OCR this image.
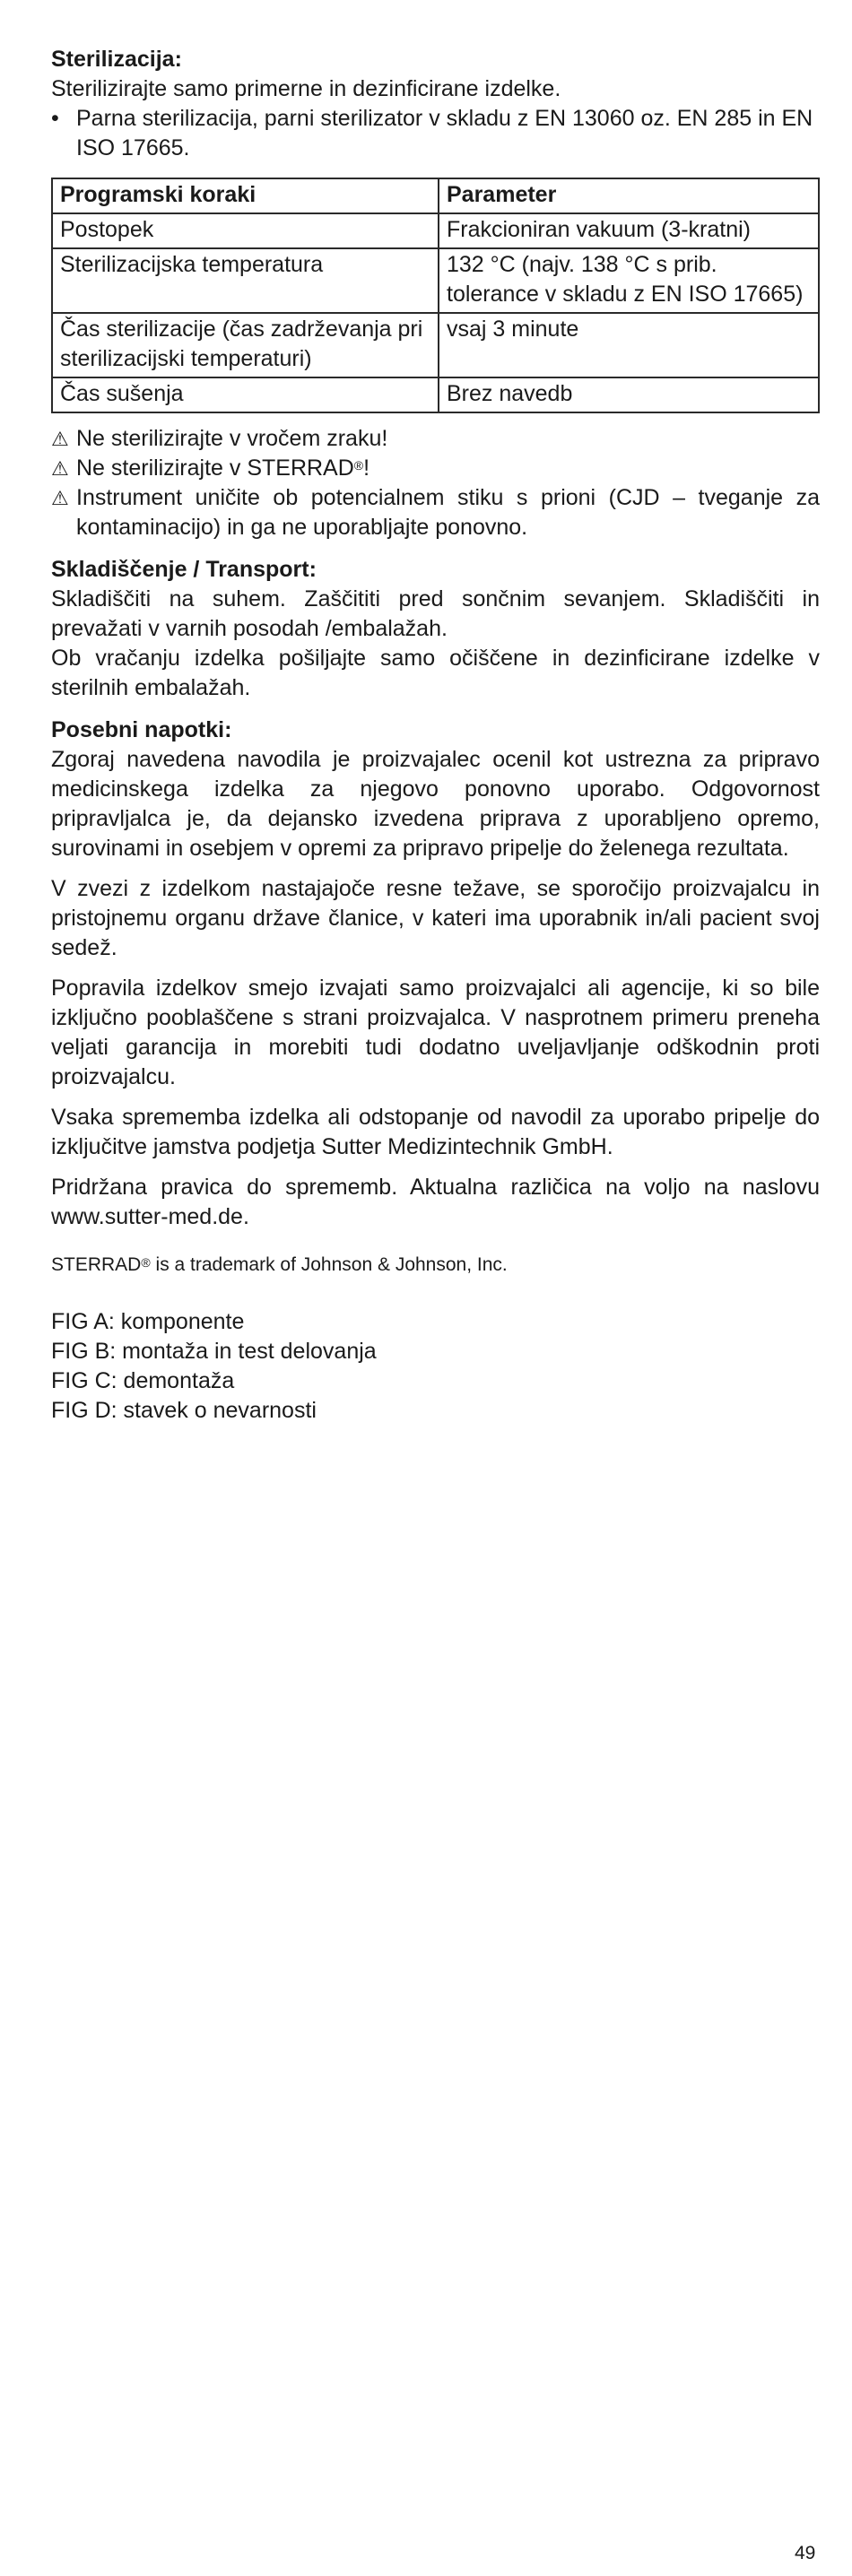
Sterilizacija:
Sterilizirajte samo primerne in dezinficirane izdelke.
• Parna sterilizacija, parni sterilizator v skladu z EN 13060 oz. EN 285 in EN ISO 17665.
Programski koraki	Parameter
Postopek	Frakcioniran vakuum (3-kratni)
Sterilizacijska temperatura	132 °C (najv. 138 °C s prib. tolerance v skladu z EN ISO 17665)
Čas sterilizacije (čas zadrževanja pri sterilizacijski temperaturi)	vsaj 3 minute
Čas sušenja	Brez navedb
⚠ Ne sterilizirajte v vročem zraku!
⚠ Ne sterilizirajte v STERRAD®!
⚠ Instrument uničite ob potencialnem stiku s prioni (CJD – tveganje za kontaminacijo) in ga ne uporabljajte ponovno.
Skladiščenje / Transport:
Skladiščiti na suhem. Zaščititi pred sončnim sevanjem. Skladiščiti in prevažati v varnih posodah /embalažah.
Ob vračanju izdelka pošiljajte samo očiščene in dezinficirane izdelke v sterilnih embalažah.
Posebni napotki:
Zgoraj navedena navodila je proizvajalec ocenil kot ustrezna za pripravo medicinskega izdelka za njegovo ponovno uporabo. Odgovornost pripravljalca je, da dejansko izvedena priprava z uporabljeno opremo, surovinami in osebjem v opremi za pripravo pripelje do želenega rezultata.
V zvezi z izdelkom nastajajoče resne težave, se sporočijo proizvajalcu in pristojnemu organu države članice, v kateri ima uporabnik in/ali pacient svoj sedež.
Popravila izdelkov smejo izvajati samo proizvajalci ali agencije, ki so bile izključno pooblaščene s strani proizvajalca. V nasprotnem primeru preneha veljati garancija in morebiti tudi dodatno uveljavljanje odškodnin proti proizvajalcu.
Vsaka sprememba izdelka ali odstopanje od navodil za uporabo pripelje do izključitve jamstva podjetja Sutter Medizintechnik GmbH.
Pridržana pravica do sprememb. Aktualna različica na voljo na naslovu www.sutter-med.de.
STERRAD® is a trademark of Johnson & Johnson, Inc.
FIG A: komponente
FIG B: montaža in test delovanja
FIG C: demontaža
FIG D: stavek o nevarnosti
49
